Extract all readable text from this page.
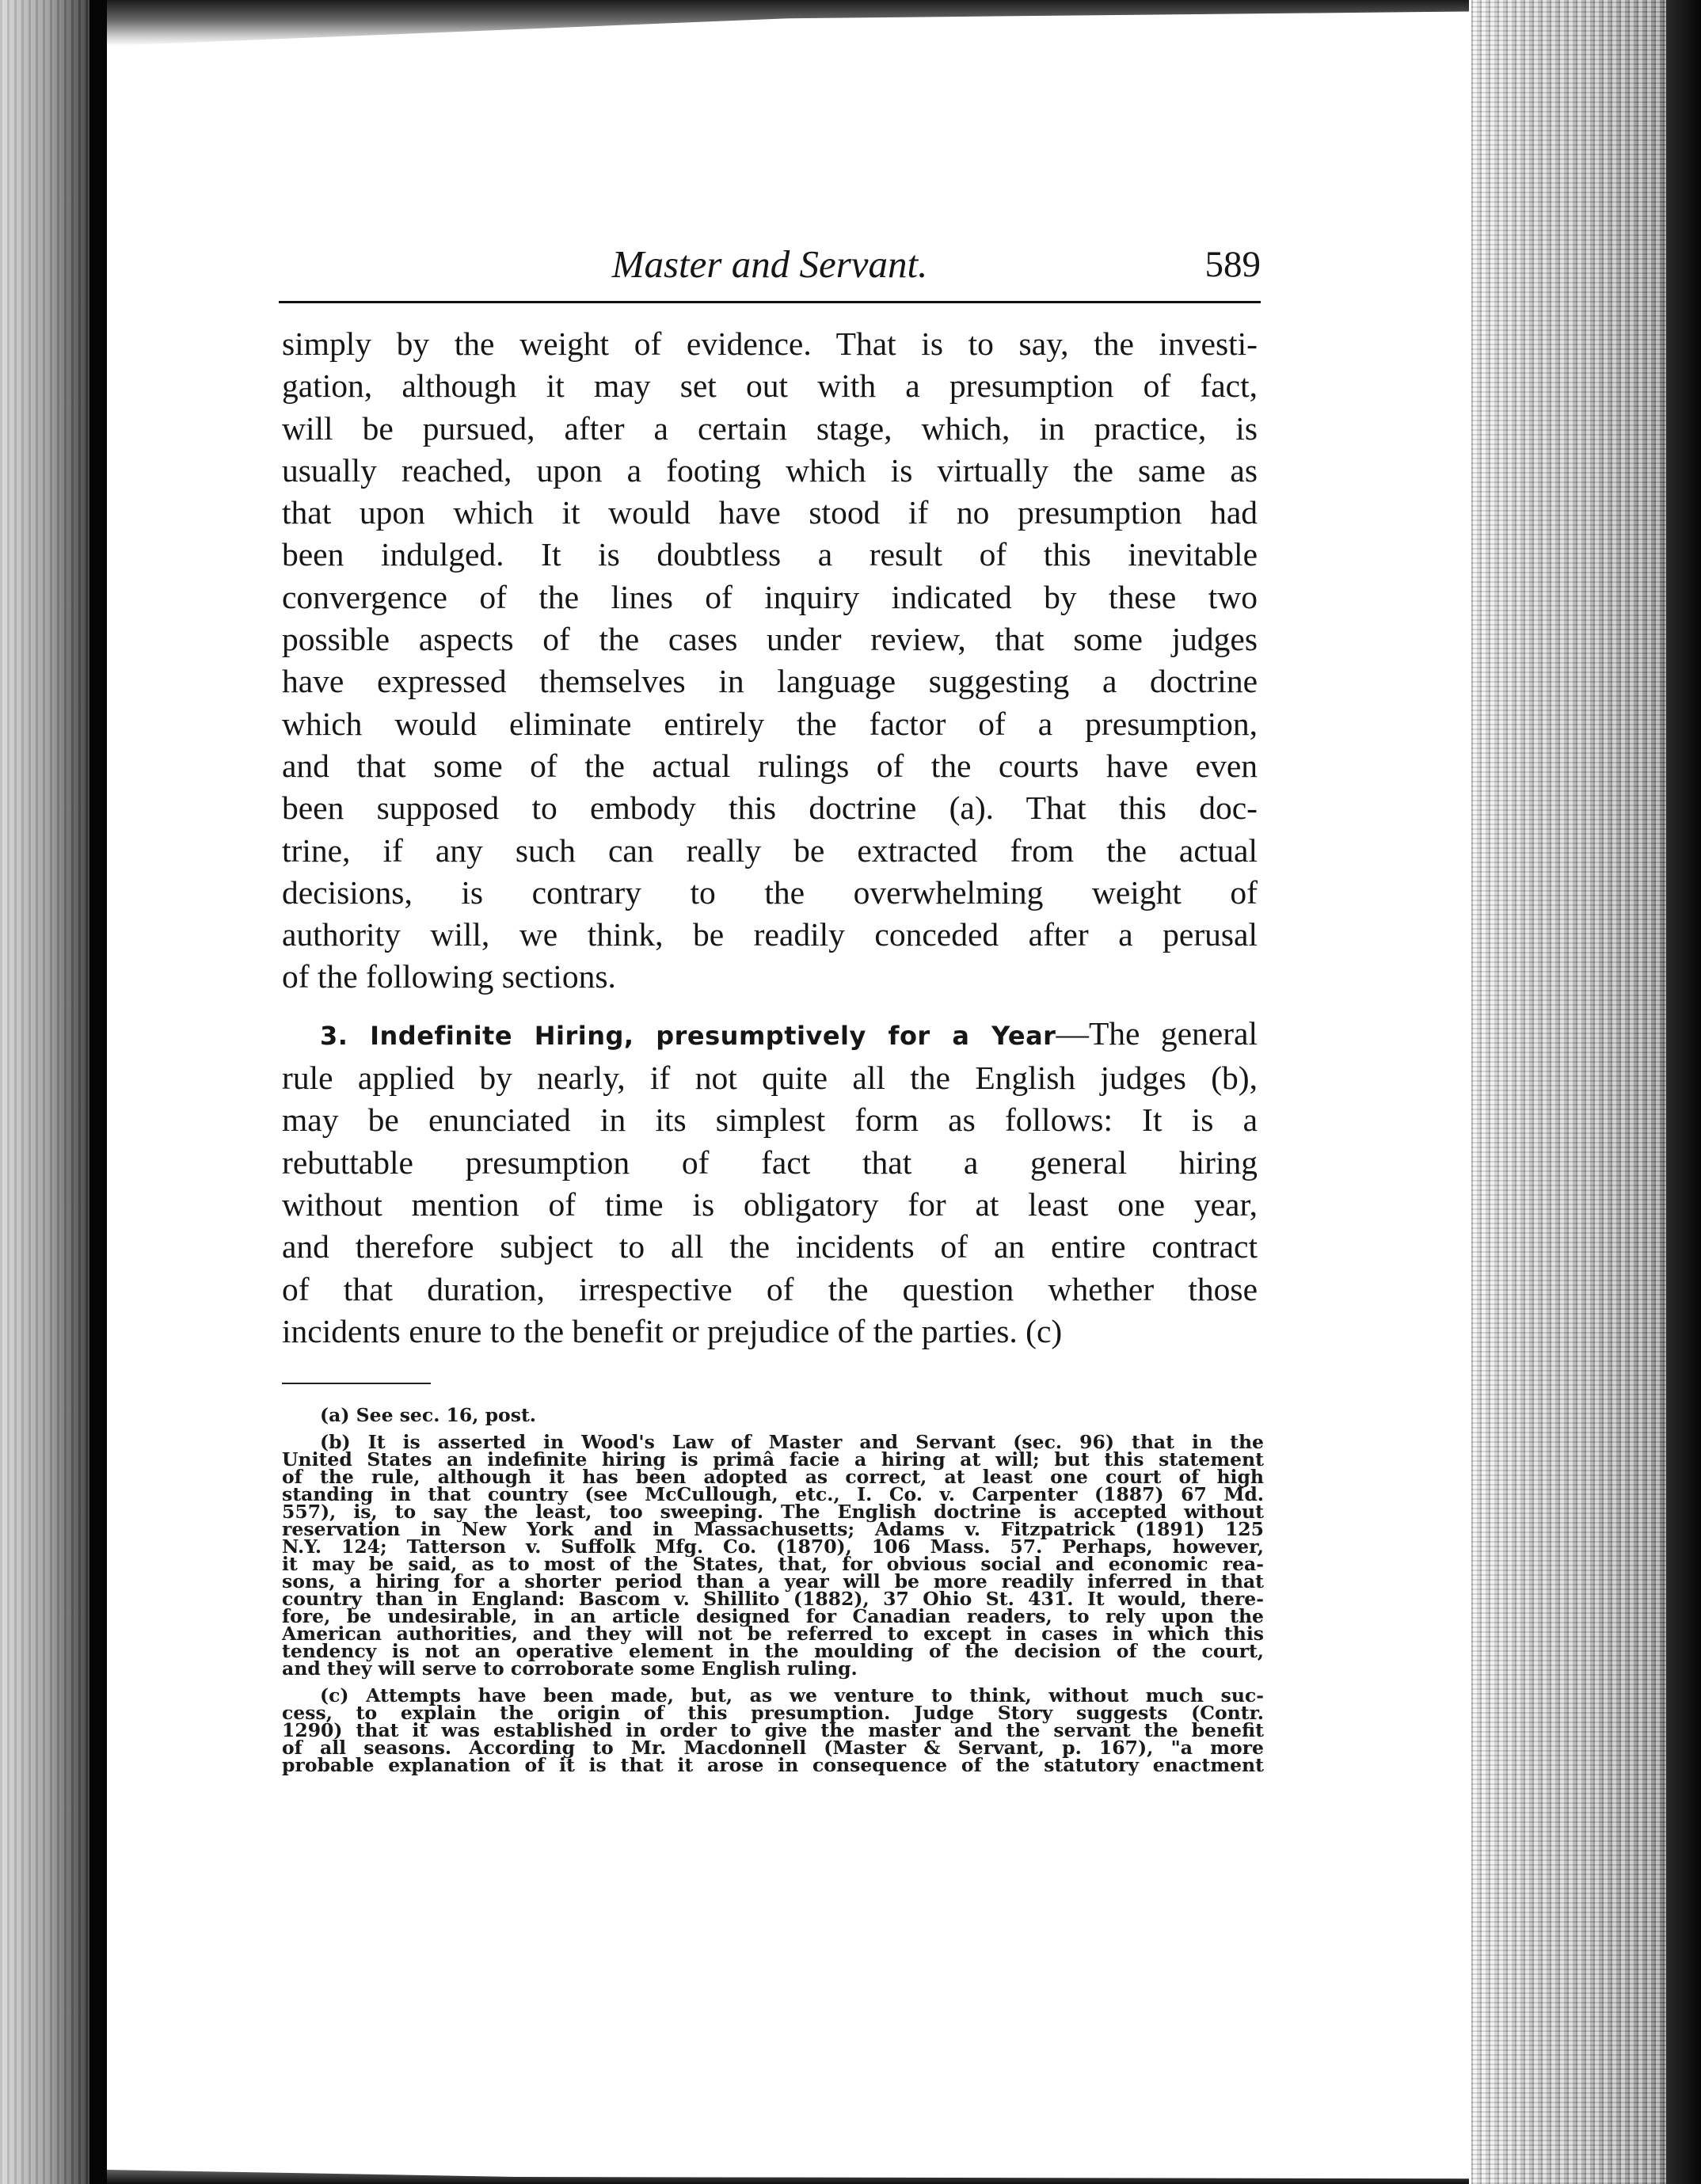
Master and Servant.	589
simply by the weight of evidence. That is to say, the investi-
gation, although it may set out with a presumption of fact,
will be pursued, after a certain stage, which, in practice, is
usually reached, upon a footing which is virtually the same as
that upon which it would have stood if no presumption had
been indulged. It is doubtless a result of this inevitable
convergence of the lines of inquiry indicated by these two
possible aspects of the cases under review, that some judges
have expressed themselves in language suggesting a doctrine
which would eliminate entirely the factor of a presumption,
and that some of the actual rulings of the courts have even
been supposed to embody this doctrine (a). That this doc-
trine, if any such can really be extracted from the actual
decisions, is contrary to the overwhelming weight of
authority will, we think, be readily conceded after a perusal
of the following sections.
3. Indefinite Hiring, presumptively for a Year—The general
rule applied by nearly, if not quite all the English judges (b),
may be enunciated in its simplest form as follows: It is a
rebuttable presumption of fact that a general hiring
without mention of time is obligatory for at least one year,
and therefore subject to all the incidents of an entire contract
of that duration, irrespective of the question whether those
incidents enure to the benefit or prejudice of the parties. (c)
(a) See sec. 16, post.
(b) It is asserted in Wood's Law of Master and Servant (sec. 96) that in the
United States an indefinite hiring is primâ facie a hiring at will; but this statement
of the rule, although it has been adopted as correct, at least one court of high
standing in that country (see McCullough, etc., I. Co. v. Carpenter (1887) 67 Md.
557), is, to say the least, too sweeping. The English doctrine is accepted without
reservation in New York and in Massachusetts; Adams v. Fitzpatrick (1891) 125
N.Y. 124; Tatterson v. Suffolk Mfg. Co. (1870), 106 Mass. 57. Perhaps, however,
it may be said, as to most of the States, that, for obvious social and economic rea-
sons, a hiring for a shorter period than a year will be more readily inferred in that
country than in England: Bascom v. Shillito (1882), 37 Ohio St. 431. It would, there-
fore, be undesirable, in an article designed for Canadian readers, to rely upon the
American authorities, and they will not be referred to except in cases in which this
tendency is not an operative element in the moulding of the decision of the court,
and they will serve to corroborate some English ruling.
(c) Attempts have been made, but, as we venture to think, without much suc-
cess, to explain the origin of this presumption. Judge Story suggests (Contr.
1290) that it was established in order to give the master and the servant the benefit
of all seasons. According to Mr. Macdonnell (Master & Servant, p. 167), "a more
probable explanation of it is that it arose in consequence of the statutory enactment
